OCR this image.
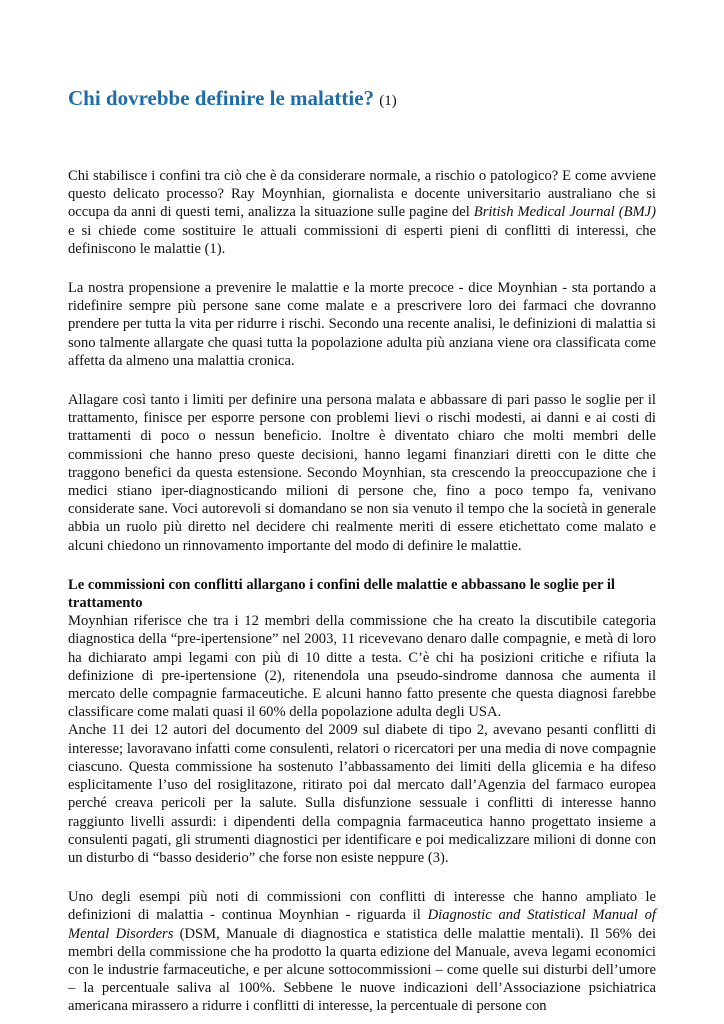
Chi dovrebbe definire le malattie? (1)

Chi stabilisce i confini tra ciò che è da considerare normale, a rischio o patologico? E come avviene questo delicato processo? Ray Moynhian, giornalista e docente universitario australiano che si occupa da anni di questi temi, analizza la situazione sulle pagine del British Medical Journal (BMJ) e si chiede come sostituire le attuali commissioni di esperti pieni di conflitti di interessi, che definiscono le malattie (1).

La nostra propensione a prevenire le malattie e la morte precoce - dice Moynhian - sta portando a ridefinire sempre più persone sane come malate e a prescrivere loro dei farmaci che dovranno prendere per tutta la vita per ridurre i rischi. Secondo una recente analisi, le definizioni di malattia si sono talmente allargate che quasi tutta la popolazione adulta più anziana viene ora classificata come affetta da almeno una malattia cronica.

Allagare così tanto i limiti per definire una persona malata e abbassare di pari passo le soglie per il trattamento, finisce per esporre persone con problemi lievi o rischi modesti, ai danni e ai costi di trattamenti di poco o nessun beneficio. Inoltre è diventato chiaro che molti membri delle commissioni che hanno preso queste decisioni, hanno legami finanziari diretti con le ditte che traggono benefici da questa estensione. Secondo Moynhian, sta crescendo la preoccupazione che i medici stiano iper-diagnosticando milioni di persone che, fino a poco tempo fa, venivano considerate sane. Voci autorevoli si domandano se non sia venuto il tempo che la società in generale abbia un ruolo più diretto nel decidere chi realmente meriti di essere etichettato come malato e alcuni chiedono un rinnovamento importante del modo di definire le malattie.

Le commissioni con conflitti allargano i confini delle malattie e abbassano le soglie per il trattamento

Moynhian riferisce che tra i 12 membri della commissione che ha creato la discutibile categoria diagnostica della “pre-ipertensione” nel 2003, 11 ricevevano denaro dalle compagnie, e metà di loro ha dichiarato ampi legami con più di 10 ditte a testa. C’è chi ha posizioni critiche e rifiuta la definizione di pre-ipertensione (2), ritenendola una pseudo-sindrome dannosa che aumenta il mercato delle compagnie farmaceutiche. E alcuni hanno fatto presente che questa diagnosi farebbe classificare come malati quasi il 60% della popolazione adulta degli USA.

Anche 11 dei 12 autori del documento del 2009 sul diabete di tipo 2, avevano pesanti conflitti di interesse; lavoravano infatti come consulenti, relatori o ricercatori per una media di nove compagnie ciascuno. Questa commissione ha sostenuto l’abbassamento dei limiti della glicemia e ha difeso esplicitamente l’uso del rosiglitazone, ritirato poi dal mercato dall’Agenzia del farmaco europea perché creava pericoli per la salute. Sulla disfunzione sessuale i conflitti di interesse hanno raggiunto livelli assurdi: i dipendenti della compagnia farmaceutica hanno progettato insieme a consulenti pagati, gli strumenti diagnostici per identificare e poi medicalizzare milioni di donne con un disturbo di “basso desiderio” che forse non esiste neppure (3).

Uno degli esempi più noti di commissioni con conflitti di interesse che hanno ampliato le definizioni di malattia - continua Moynhian - riguarda il Diagnostic and Statistical Manual of Mental Disorders (DSM, Manuale di diagnostica e statistica delle malattie mentali). Il 56% dei membri della commissione che ha prodotto la quarta edizione del Manuale, aveva legami economici con le industrie farmaceutiche, e per alcune sottocommissioni – come quelle sui disturbi dell’umore – la percentuale saliva al 100%. Sebbene le nuove indicazioni dell’Associazione psichiatrica americana mirassero a ridurre i conflitti di interesse, la percentuale di persone con
